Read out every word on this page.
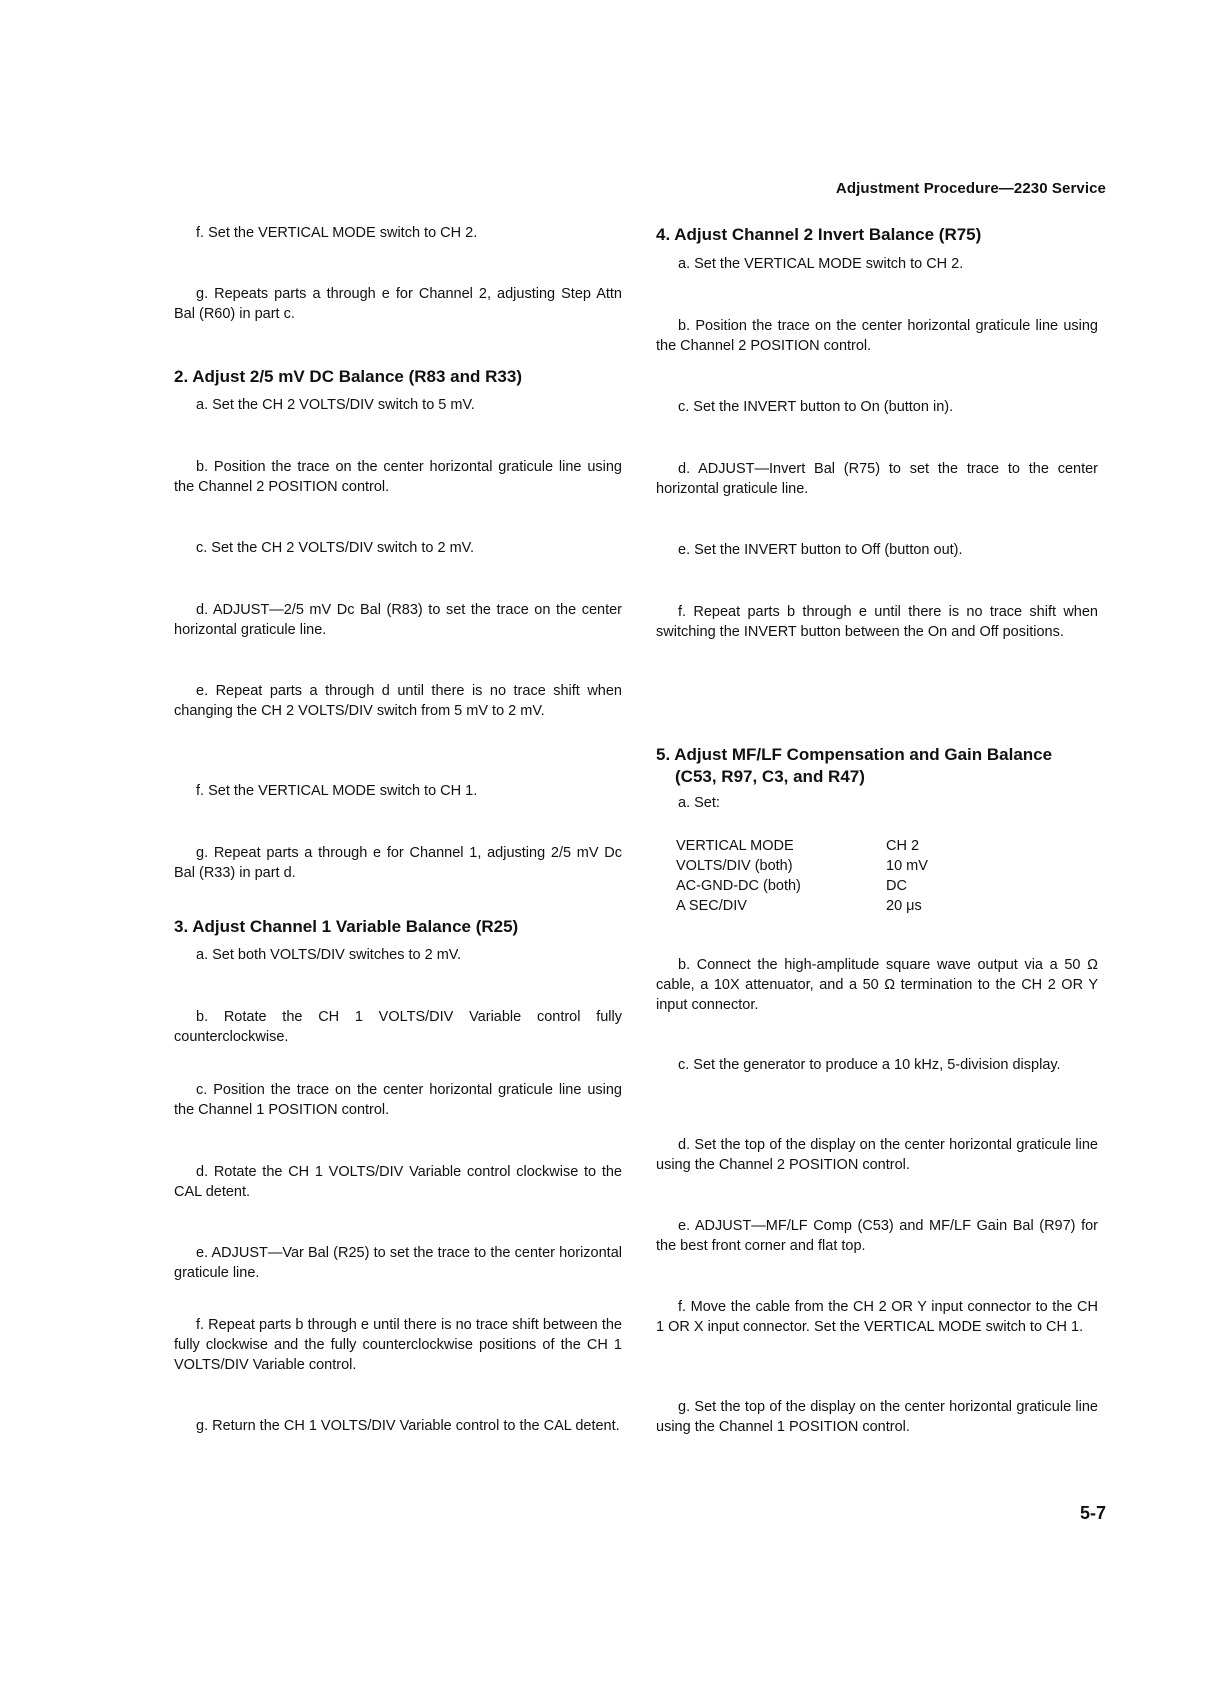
Adjustment Procedure—2230 Service
f. Set the VERTICAL MODE switch to CH 2.
g. Repeats parts a through e for Channel 2, adjusting Step Attn Bal (R60) in part c.
2. Adjust 2/5 mV DC Balance (R83 and R33)
a. Set the CH 2 VOLTS/DIV switch to 5 mV.
b. Position the trace on the center horizontal graticule line using the Channel 2 POSITION control.
c. Set the CH 2 VOLTS/DIV switch to 2 mV.
d. ADJUST—2/5 mV Dc Bal (R83) to set the trace on the center horizontal graticule line.
e. Repeat parts a through d until there is no trace shift when changing the CH 2 VOLTS/DIV switch from 5 mV to 2 mV.
f. Set the VERTICAL MODE switch to CH 1.
g. Repeat parts a through e for Channel 1, adjusting 2/5 mV Dc Bal (R33) in part d.
3. Adjust Channel 1 Variable Balance (R25)
a. Set both VOLTS/DIV switches to 2 mV.
b. Rotate the CH 1 VOLTS/DIV Variable control fully counterclockwise.
c. Position the trace on the center horizontal graticule line using the Channel 1 POSITION control.
d. Rotate the CH 1 VOLTS/DIV Variable control clockwise to the CAL detent.
e. ADJUST—Var Bal (R25) to set the trace to the center horizontal graticule line.
f. Repeat parts b through e until there is no trace shift between the fully clockwise and the fully counterclockwise positions of the CH 1 VOLTS/DIV Variable control.
g. Return the CH 1 VOLTS/DIV Variable control to the CAL detent.
4. Adjust Channel 2 Invert Balance (R75)
a. Set the VERTICAL MODE switch to CH 2.
b. Position the trace on the center horizontal graticule line using the Channel 2 POSITION control.
c. Set the INVERT button to On (button in).
d. ADJUST—Invert Bal (R75) to set the trace to the center horizontal graticule line.
e. Set the INVERT button to Off (button out).
f. Repeat parts b through e until there is no trace shift when switching the INVERT button between the On and Off positions.
5. Adjust MF/LF Compensation and Gain Balance
(C53, R97, C3, and R47)
a. Set:
VERTICAL MODE	CH 2
VOLTS/DIV (both)	10 mV
AC-GND-DC (both)	DC
A SEC/DIV	20 μs
b. Connect the high-amplitude square wave output via a 50 Ω cable, a 10X attenuator, and a 50 Ω termination to the CH 2 OR Y input connector.
c. Set the generator to produce a 10 kHz, 5-division display.
d. Set the top of the display on the center horizontal graticule line using the Channel 2 POSITION control.
e. ADJUST—MF/LF Comp (C53) and MF/LF Gain Bal (R97) for the best front corner and flat top.
f. Move the cable from the CH 2 OR Y input connector to the CH 1 OR X input connector. Set the VERTICAL MODE switch to CH 1.
g. Set the top of the display on the center horizontal graticule line using the Channel 1 POSITION control.
5-7
